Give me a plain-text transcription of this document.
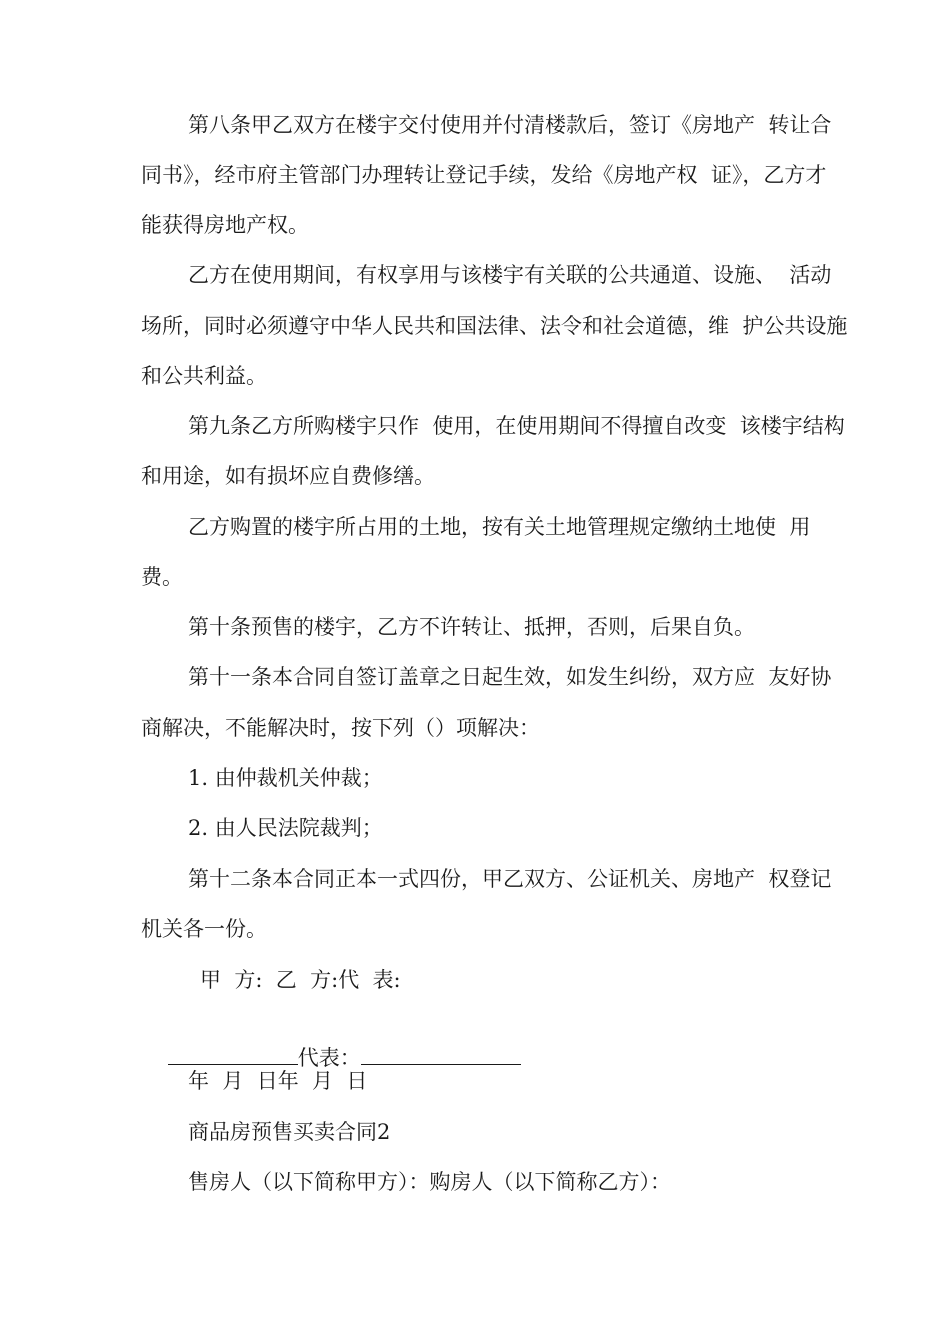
第八条甲乙双方在楼宇交付使用并付清楼款后，签订《房地产  转让合
同书》，经市府主管部门办理转让登记手续，发给《房地产权  证》，乙方才
能获得房地产权。
乙方在使用期间，有权享用与该楼宇有关联的公共通道、设施、  活动
场所，同时必须遵守中华人民共和国法律、法令和社会道德，维  护公共设施
和公共利益。
第九条乙方所购楼宇只作  使用，在使用期间不得擅自改变  该楼宇结构
和用途，如有损坏应自费修缮。
乙方购置的楼宇所占用的土地，按有关土地管理规定缴纳土地使  用
费。
第十条预售的楼宇，乙方不许转让、抵押，否则，后果自负。
第十一条本合同自签订盖章之日起生效，如发生纠纷，双方应  友好协
商解决，不能解决时，按下列（）项解决：
1. 由仲裁机关仲裁；
2. 由人民法院裁判；
第十二条本合同正本一式四份，甲乙双方、公证机关、房地产  权登记
机关各一份。
甲  方:  乙  方:代  表:

代表：

年  月  日年  月  日
商品房预售买卖合同2
售房人（以下简称甲方）：购房人（以下简称乙方）：
